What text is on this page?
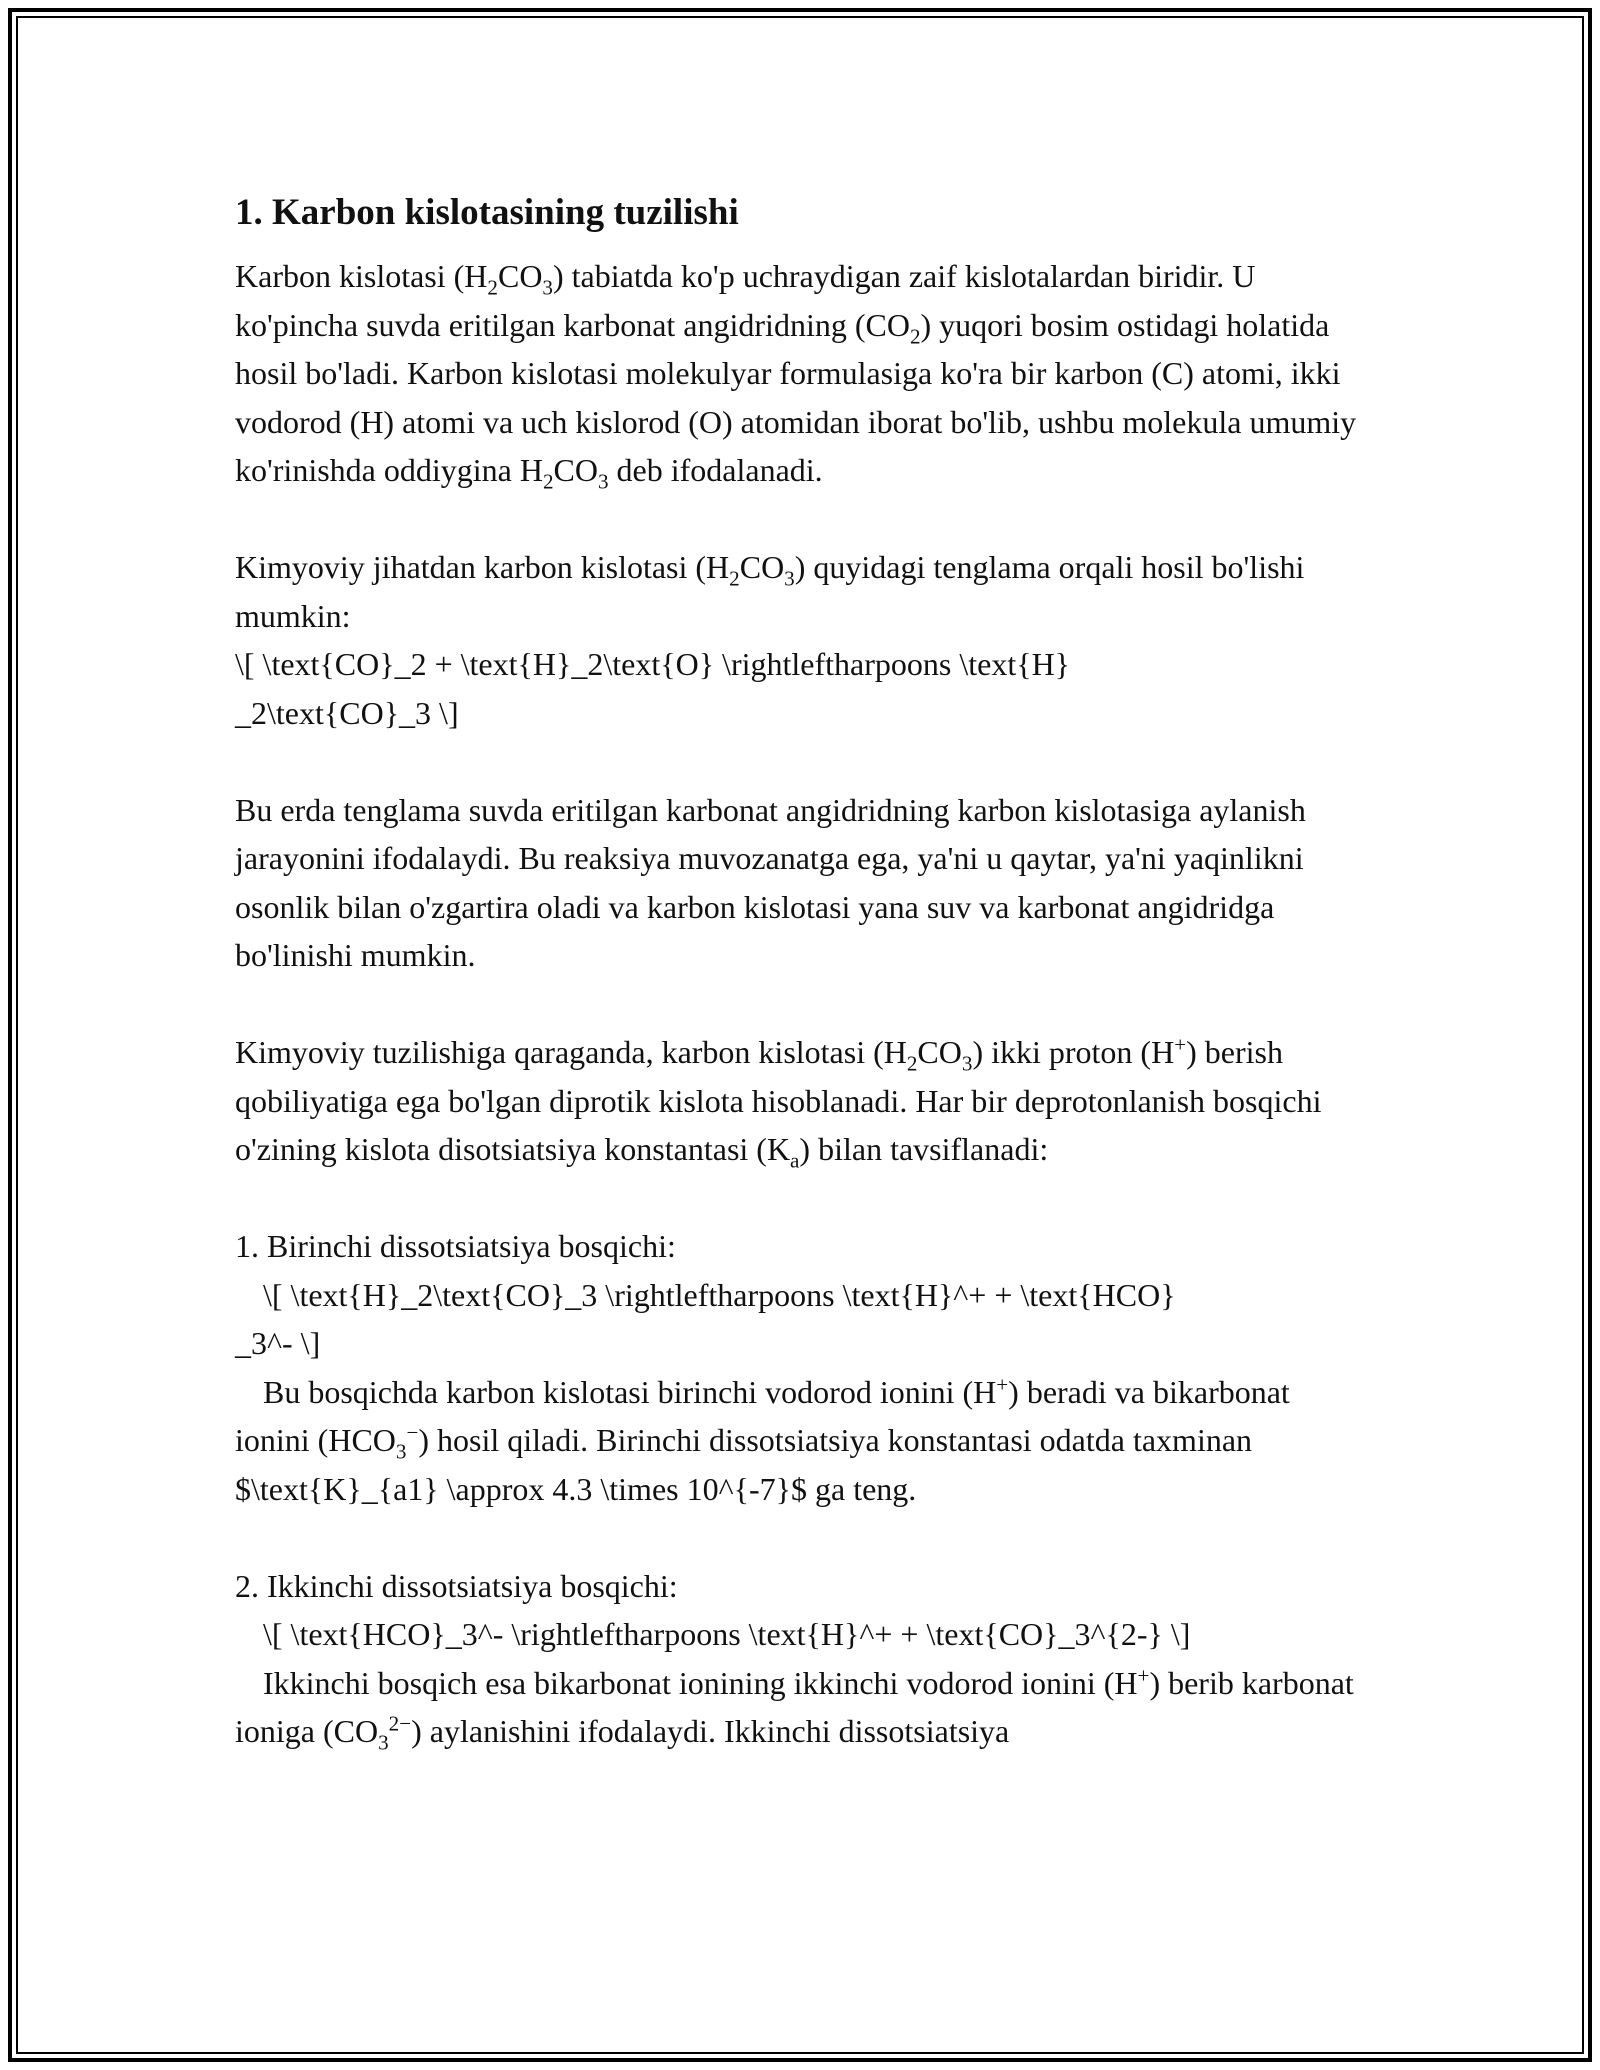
1. Karbon kislotasining tuzilishi

Karbon kislotasi $(H_2CO_3)$ tabiatda ko'p uchraydigan zaif kislotalardan biridir. U ko'pincha suvda eritilgan karbonat angidridning $(CO_2)$ yuqori bosim ostidagi holatida hosil bo'ladi. Karbon kislotasi molekulyar formulasiga ko'ra bir karbon (C) atomi, ikki vodorod (H) atomi va uch kislorod (O) atomidan iborat bo'lib, ushbu molekula umumiy ko'rinishda oddiygina $H_2CO_3$ deb ifodalanadi.

Kimyoviy jihatdan karbon kislotasi $(H_2CO_3)$ quyidagi tenglama orqali hosil bo'lishi mumkin:

\[ \text{CO}_2 + \text{H}_2\text{O} \rightleftharpoons \text{H}

_2\text{CO}_3 \]

Bu erda tenglama suvda eritilgan karbonat angidridning karbon kislotasiga aylanish jarayonini ifodalaydi. Bu reaksiya muvozanatga ega, ya'ni u qaytar, ya'ni yaqinlikni osonlik bilan o'zgartira oladi va karbon kislotasi yana suv va karbonat angidridga bo'linishi mumkin.

Kimyoviy tuzilishiga qaraganda, karbon kislotasi $(H_2CO_3)$ ikki proton (H+) berish qobiliyatiga ega bo'lgan diprotik kislota hisoblanadi. Har bir deprotonlanish bosqichi o'zining kislota disotsiatsiya konstantasi $(K_a)$ bilan tavsiflanadi:

1. Birinchi dissotsiatsiya bosqichi:

\[ \text{H}_2\text{CO}_3 \rightleftharpoons \text{H}^+ + \text{HCO}

_3^- \]

Bu bosqichda karbon kislotasi birinchi vodorod ionini (H+) beradi va bikarbonat ionini $(HCO_3^-)$ hosil qiladi. Birinchi dissotsiatsiya konstantasi odatda taxminan $\text{K}_{a1} \approx 4.3 \times 10^{-7}$ ga teng.

2. Ikkinchi dissotsiatsiya bosqichi:

\[ \text{HCO}_3^- \rightleftharpoons \text{H}^+ + \text{CO}_3^{2-} \]

Ikkinchi bosqich esa bikarbonat ionining ikkinchi vodorod ionini (H+) berib karbonat ioniga $(CO_3^{2-})$ aylanishini ifodalaydi. Ikkinchi dissotsiatsiya
